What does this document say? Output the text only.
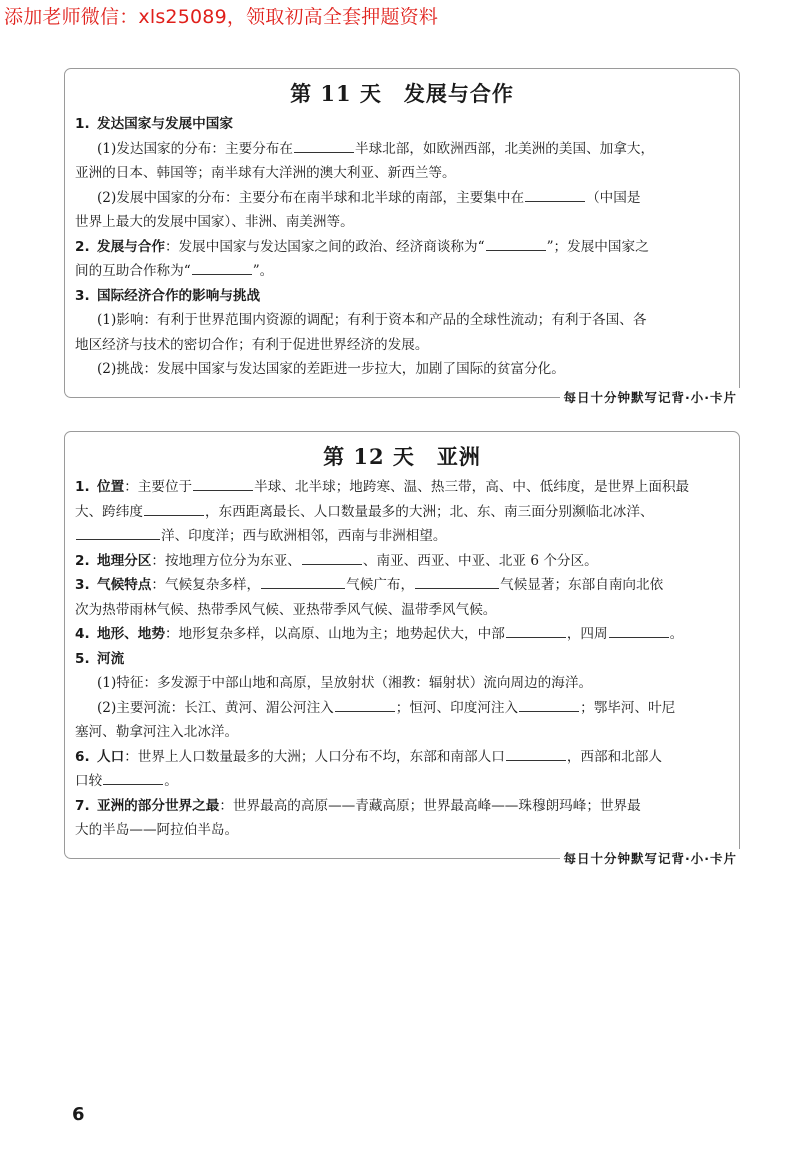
添加老师微信：xls25089，领取初高全套押题资料
第 11 天 发展与合作
1. 发达国家与发展中国家
(1)发达国家的分布：主要分布在	半球北部，如欧洲西部，北美洲的美国、加拿大，
亚洲的日本、韩国等；南半球有大洋洲的澳大利亚、新西兰等。
(2)发展中国家的分布：主要分布在南半球和北半球的南部，主要集中在	（中国是
世界上最大的发展中国家）、非洲、南美洲等。
2. 发展与合作：发展中国家与发达国家之间的政治、经济商谈称为“	”；发展中国家之
间的互助合作称为“	”。
3. 国际经济合作的影响与挑战
(1)影响：有利于世界范围内资源的调配；有利于资本和产品的全球性流动；有利于各国、各
地区经济与技术的密切合作；有利于促进世界经济的发展。
(2)挑战：发展中国家与发达国家的差距进一步拉大，加剧了国际的贫富分化。
每日十分钟默写记背·小·卡片
第 12 天 亚洲
1. 位置：主要位于	半球、北半球；地跨寒、温、热三带，高、中、低纬度，是世界上面积最
大、跨纬度	，东西距离最长、人口数量最多的大洲；北、东、南三面分别濒临北冰洋、
洋、印度洋；西与欧洲相邻，西南与非洲相望。
2. 地理分区：按地理方位分为东亚、	、南亚、西亚、中亚、北亚 6 个分区。
3. 气候特点：气候复杂多样，	气候广布，	气候显著；东部自南向北依
次为热带雨林气候、热带季风气候、亚热带季风气候、温带季风气候。
4. 地形、地势：地形复杂多样，以高原、山地为主；地势起伏大，中部	，四周	。
5. 河流
(1)特征：多发源于中部山地和高原，呈放射状（湘教：辐射状）流向周边的海洋。
(2)主要河流：长江、黄河、湄公河注入	；恒河、印度河注入	；鄂毕河、叶尼
塞河、勒拿河注入北冰洋。
6. 人口：世界上人口数量最多的大洲；人口分布不均，东部和南部人口	，西部和北部人
口较	。
7. 亚洲的部分世界之最：世界最高的高原——青藏高原；世界最高峰——珠穆朗玛峰；世界最
大的半岛——阿拉伯半岛。
每日十分钟默写记背·小·卡片
6
